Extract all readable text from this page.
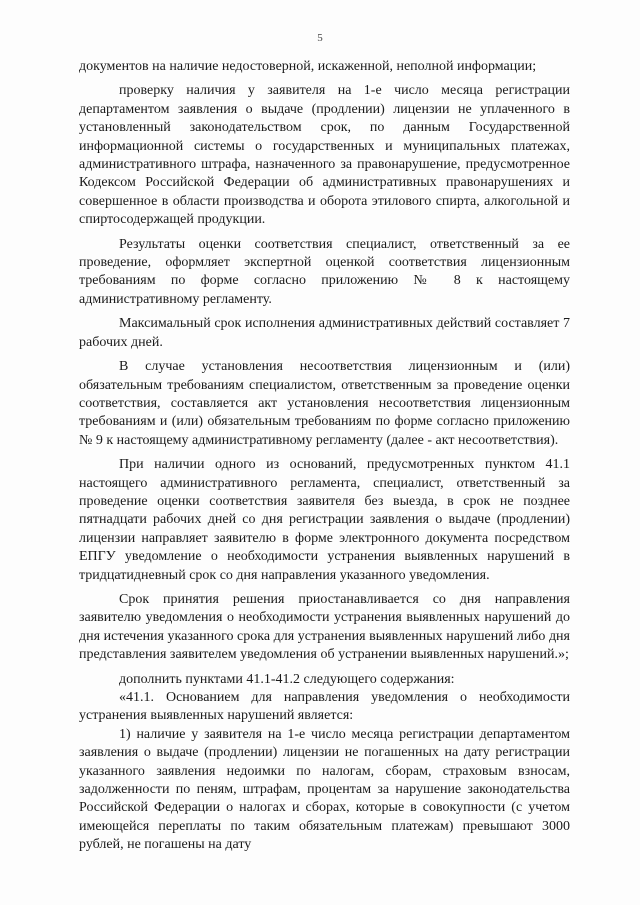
5

документов на наличие недостоверной, искаженной, неполной информации;

проверку наличия у заявителя на 1-е число месяца регистрации департаментом заявления о выдаче (продлении) лицензии не уплаченного в установленный законодательством срок, по данным Государственной информационной системы о государственных и муниципальных платежах, административного штрафа, назначенного за правонарушение, предусмотренное Кодексом Российской Федерации об административных правонарушениях и совершенное в области производства и оборота этилового спирта, алкогольной и спиртосодержащей продукции.

Результаты оценки соответствия специалист, ответственный за ее проведение, оформляет экспертной оценкой соответствия лицензионным требованиям по форме согласно приложению № 8 к настоящему административному регламенту.

Максимальный срок исполнения административных действий составляет 7 рабочих дней.

В случае установления несоответствия лицензионным и (или) обязательным требованиям специалистом, ответственным за проведение оценки соответствия, составляется акт установления несоответствия лицензионным требованиям и (или) обязательным требованиям по форме согласно приложению № 9 к настоящему административному регламенту (далее - акт несоответствия).

При наличии одного из оснований, предусмотренных пунктом 41.1 настоящего административного регламента, специалист, ответственный за проведение оценки соответствия заявителя без выезда, в срок не позднее пятнадцати рабочих дней со дня регистрации заявления о выдаче (продлении) лицензии направляет заявителю в форме электронного документа посредством ЕПГУ уведомление о необходимости устранения выявленных нарушений в тридцатидневный срок со дня направления указанного уведомления.

Срок принятия решения приостанавливается со дня направления заявителю уведомления о необходимости устранения выявленных нарушений до дня истечения указанного срока для устранения выявленных нарушений либо дня представления заявителем уведомления об устранении выявленных нарушений.»;

дополнить пунктами 41.1-41.2 следующего содержания:

«41.1. Основанием для направления уведомления о необходимости устранения выявленных нарушений является:

1) наличие у заявителя на 1-е число месяца регистрации департаментом заявления о выдаче (продлении) лицензии не погашенных на дату регистрации указанного заявления недоимки по налогам, сборам, страховым взносам, задолженности по пеням, штрафам, процентам за нарушение законодательства Российской Федерации о налогах и сборах, которые в совокупности (с учетом имеющейся переплаты по таким обязательным платежам) превышают 3000 рублей, не погашены на дату
